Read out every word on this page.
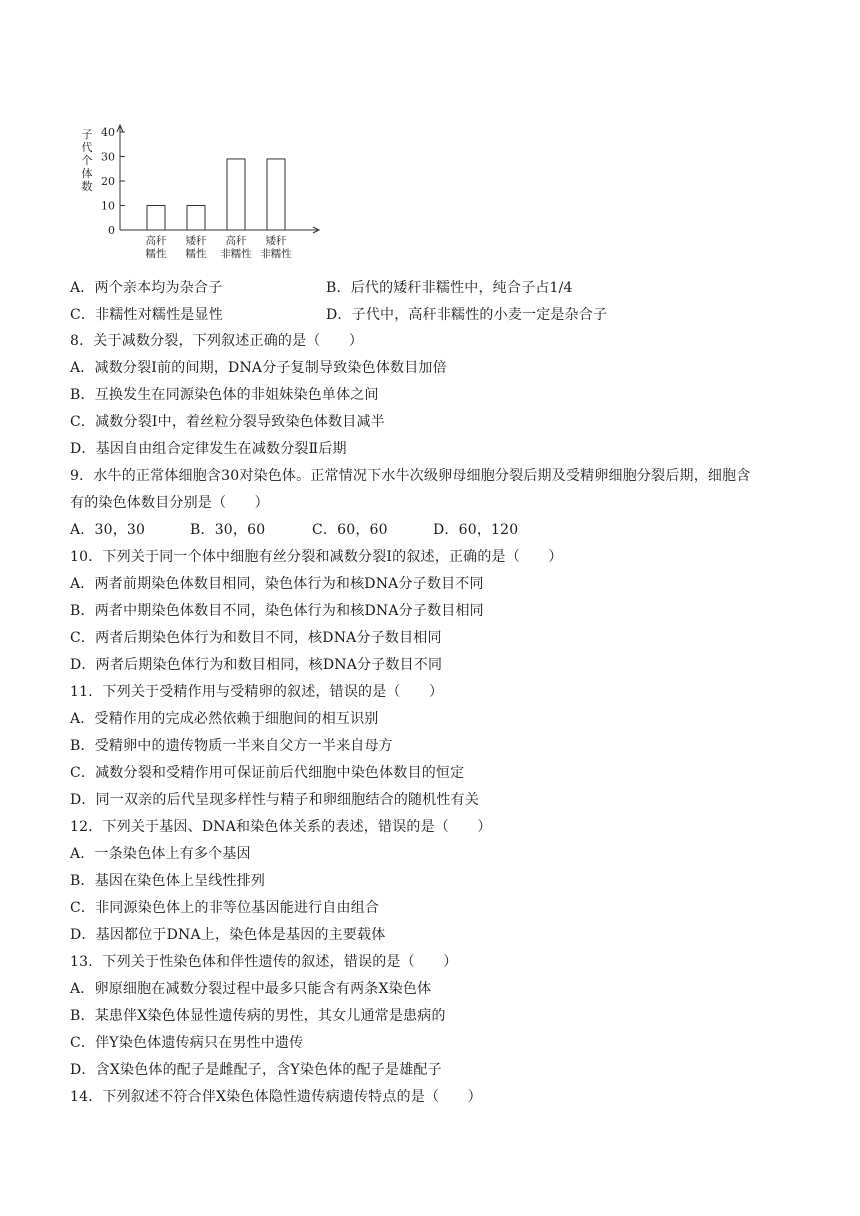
子
代
个
体
数
0
10
20
30
40
高秆
糯性
矮秆
糯性
高秆
非糯性
矮秆
非糯性
A．两个亲本均为杂合子	B．后代的矮秆非糯性中，纯合子占1/4
C．非糯性对糯性是显性	D．子代中，高秆非糯性的小麦一定是杂合子
8．关于减数分裂，下列叙述正确的是（　　）
A．减数分裂Ⅰ前的间期，DNA分子复制导致染色体数目加倍
B．互换发生在同源染色体的非姐妹染色单体之间
C．减数分裂Ⅰ中，着丝粒分裂导致染色体数目减半
D．基因自由组合定律发生在减数分裂Ⅱ后期
9．水牛的正常体细胞含30对染色体。正常情况下水牛次级卵母细胞分裂后期及受精卵细胞分裂后期，细胞含
有的染色体数目分别是（　　）
A．30，30	B．30，60	C．60，60	D．60，120
10．下列关于同一个体中细胞有丝分裂和减数分裂Ⅰ的叙述，正确的是（　　）
A．两者前期染色体数目相同，染色体行为和核DNA分子数目不同
B．两者中期染色体数目不同，染色体行为和核DNA分子数目相同
C．两者后期染色体行为和数目不同，核DNA分子数目相同
D．两者后期染色体行为和数目相同，核DNA分子数目不同
11．下列关于受精作用与受精卵的叙述，错误的是（　　）
A．受精作用的完成必然依赖于细胞间的相互识别
B．受精卵中的遗传物质一半来自父方一半来自母方
C．减数分裂和受精作用可保证前后代细胞中染色体数目的恒定
D．同一双亲的后代呈现多样性与精子和卵细胞结合的随机性有关
12．下列关于基因、DNA和染色体关系的表述，错误的是（　　）
A．一条染色体上有多个基因
B．基因在染色体上呈线性排列
C．非同源染色体上的非等位基因能进行自由组合
D．基因都位于DNA上，染色体是基因的主要载体
13．下列关于性染色体和伴性遗传的叙述，错误的是（　　）
A．卵原细胞在减数分裂过程中最多只能含有两条X染色体
B．某患伴X染色体显性遗传病的男性，其女儿通常是患病的
C．伴Y染色体遗传病只在男性中遗传
D．含X染色体的配子是雌配子，含Y染色体的配子是雄配子
14．下列叙述不符合伴X染色体隐性遗传病遗传特点的是（　　）
